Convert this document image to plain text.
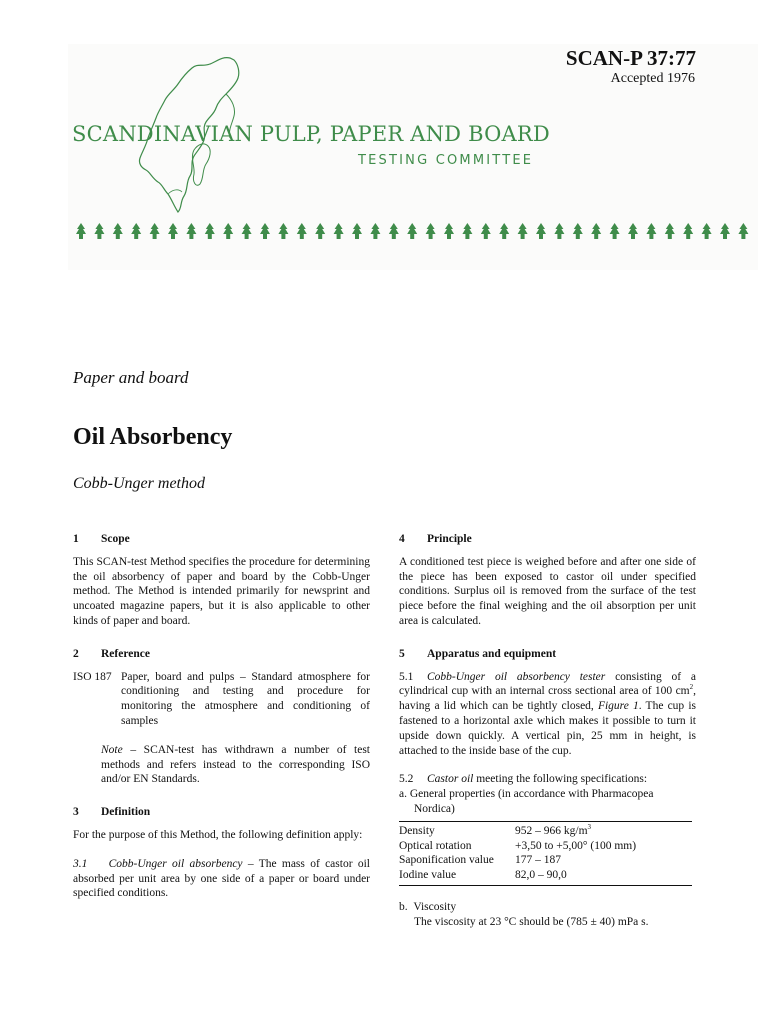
SCAN-P 37:77
Accepted 1976
SCANDINAVIAN PULP, PAPER AND BOARD
TESTING COMMITTEE
Paper and board
Oil Absorbency
Cobb-Unger method
1	Scope

This SCAN-test Method specifies the procedure for determining the oil absorbency of paper and board by the Cobb-Unger method. The Method is intended primarily for newsprint and uncoated magazine papers, but it is also applicable to other kinds of paper and board.

2	Reference
ISO 187 Paper, board and pulps – Standard atmosphere for conditioning and testing and procedure for monitoring the atmosphere and conditioning of samples

Note – SCAN-test has withdrawn a number of test methods and refers instead to the corresponding ISO and/or EN Standards.

3	Definition

For the purpose of this Method, the following definition apply:

3.1    Cobb-Unger oil absorbency – The mass of castor oil absorbed per unit area by one side of a paper or board under specified conditions.

4	Principle

A conditioned test piece is weighed before and after one side of the piece has been exposed to castor oil under specified conditions. Surplus oil is removed from the surface of the test piece before the final weighing and the oil absorption per unit area is calculated.

5	Apparatus and equipment

5.1 Cobb-Unger oil absorbency tester consisting of a cylindrical cup with an internal cross sectional area of 100 $cm^2$, having a lid which can be tightly closed, Figure 1. The cup is fastened to a horizontal axle which makes it possible to turn it upside down quickly. A vertical pin, 25 mm in height, is attached to the inside base of the cup.

5.2 Castor oil meeting the following specifications:

a. General properties (in accordance with Pharmacopea

Nordica)

Density	952 – 966 $kg/m^3$
Optical rotation	+3,50 to +5,00° (100 mm)
Saponification value	177 – 187
Iodine value	82,0 – 90,0

b.  Viscosity

The viscosity at 23 °C should be (785 ± 40) mPa s.
